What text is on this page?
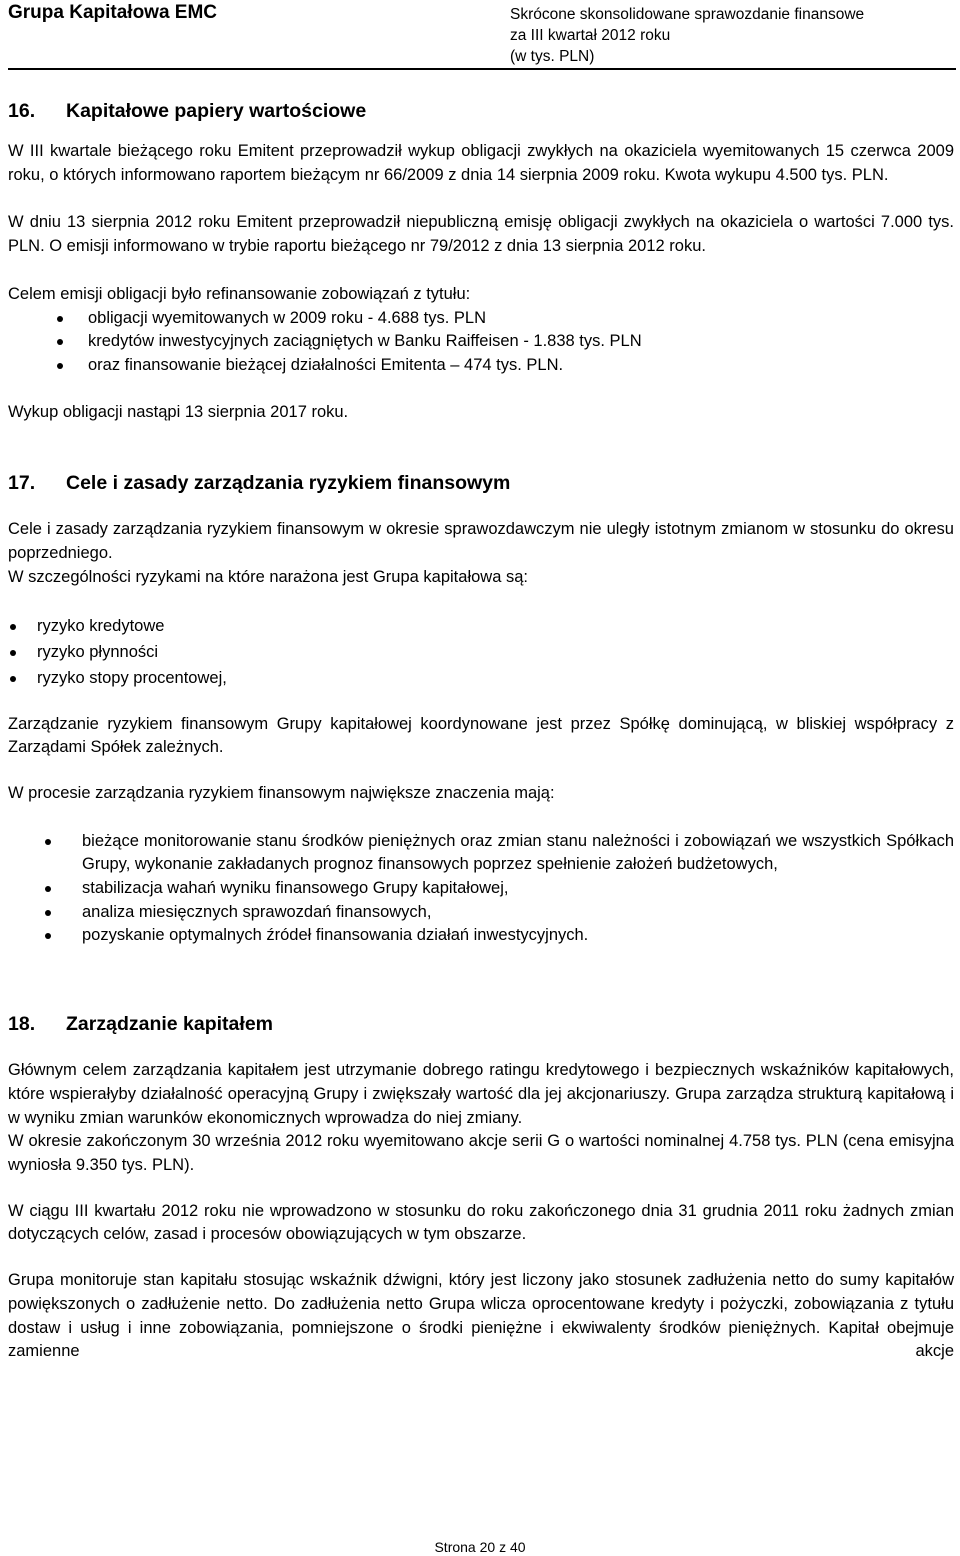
Grupa Kapitałowa EMC	Skrócone skonsolidowane sprawozdanie finansowe
za III kwartał 2012 roku
(w tys. PLN)
16. Kapitałowe papiery wartościowe

W III kwartale bieżącego roku Emitent przeprowadził wykup obligacji zwykłych na okaziciela wyemitowanych 15 czerwca 2009 roku, o których informowano raportem bieżącym nr 66/2009 z dnia 14 sierpnia 2009 roku. Kwota wykupu 4.500 tys. PLN.

W dniu 13 sierpnia 2012 roku Emitent przeprowadził niepubliczną emisję obligacji zwykłych na okaziciela o wartości 7.000 tys. PLN. O emisji informowano w trybie raportu bieżącego nr 79/2012 z dnia 13 sierpnia 2012 roku.

Celem emisji obligacji było refinansowanie zobowiązań z tytułu:

obligacji wyemitowanych w 2009 roku - 4.688 tys. PLN
kredytów inwestycyjnych zaciągniętych w Banku Raiffeisen - 1.838 tys. PLN
oraz finansowanie bieżącej działalności Emitenta – 474 tys. PLN.

Wykup obligacji nastąpi 13 sierpnia 2017 roku.

17. Cele i zasady zarządzania ryzykiem finansowym

Cele i zasady zarządzania ryzykiem finansowym w okresie sprawozdawczym nie uległy istotnym zmianom w stosunku do okresu poprzedniego.

W szczególności ryzykami na które narażona jest Grupa kapitałowa są:

ryzyko kredytowe
ryzyko płynności
ryzyko stopy procentowej,

Zarządzanie ryzykiem finansowym Grupy kapitałowej koordynowane jest przez Spółkę dominującą, w bliskiej współpracy z Zarządami Spółek zależnych.

W procesie zarządzania ryzykiem finansowym największe znaczenia mają:

bieżące monitorowanie stanu środków pieniężnych oraz zmian stanu należności i zobowiązań we wszystkich Spółkach Grupy, wykonanie zakładanych prognoz finansowych poprzez spełnienie założeń budżetowych,
stabilizacja wahań wyniku finansowego Grupy kapitałowej,
analiza miesięcznych sprawozdań finansowych,
pozyskanie optymalnych źródeł finansowania działań inwestycyjnych.
18. Zarządzanie kapitałem

Głównym celem zarządzania kapitałem jest utrzymanie dobrego ratingu kredytowego i bezpiecznych wskaźników kapitałowych, które wspierałyby działalność operacyjną Grupy i zwiększały wartość dla jej akcjonariuszy. Grupa zarządza strukturą kapitałową i w wyniku zmian warunków ekonomicznych wprowadza do niej zmiany.

W okresie zakończonym 30 września 2012 roku wyemitowano akcje serii G o wartości nominalnej 4.758 tys. PLN (cena emisyjna wyniosła 9.350 tys. PLN).

W ciągu III kwartału 2012 roku nie wprowadzono w stosunku do roku zakończonego dnia 31 grudnia 2011 roku żadnych zmian dotyczących celów, zasad i procesów obowiązujących w tym obszarze.

Grupa monitoruje stan kapitału stosując wskaźnik dźwigni, który jest liczony jako stosunek zadłużenia netto do sumy kapitałów powiększonych o zadłużenie netto. Do zadłużenia netto Grupa wlicza oprocentowane kredyty i pożyczki, zobowiązania z tytułu dostaw i usług i inne zobowiązania, pomniejszone o środki pieniężne i ekwiwalenty środków pieniężnych. Kapitał obejmuje zamienne akcje

Strona 20 z 40
